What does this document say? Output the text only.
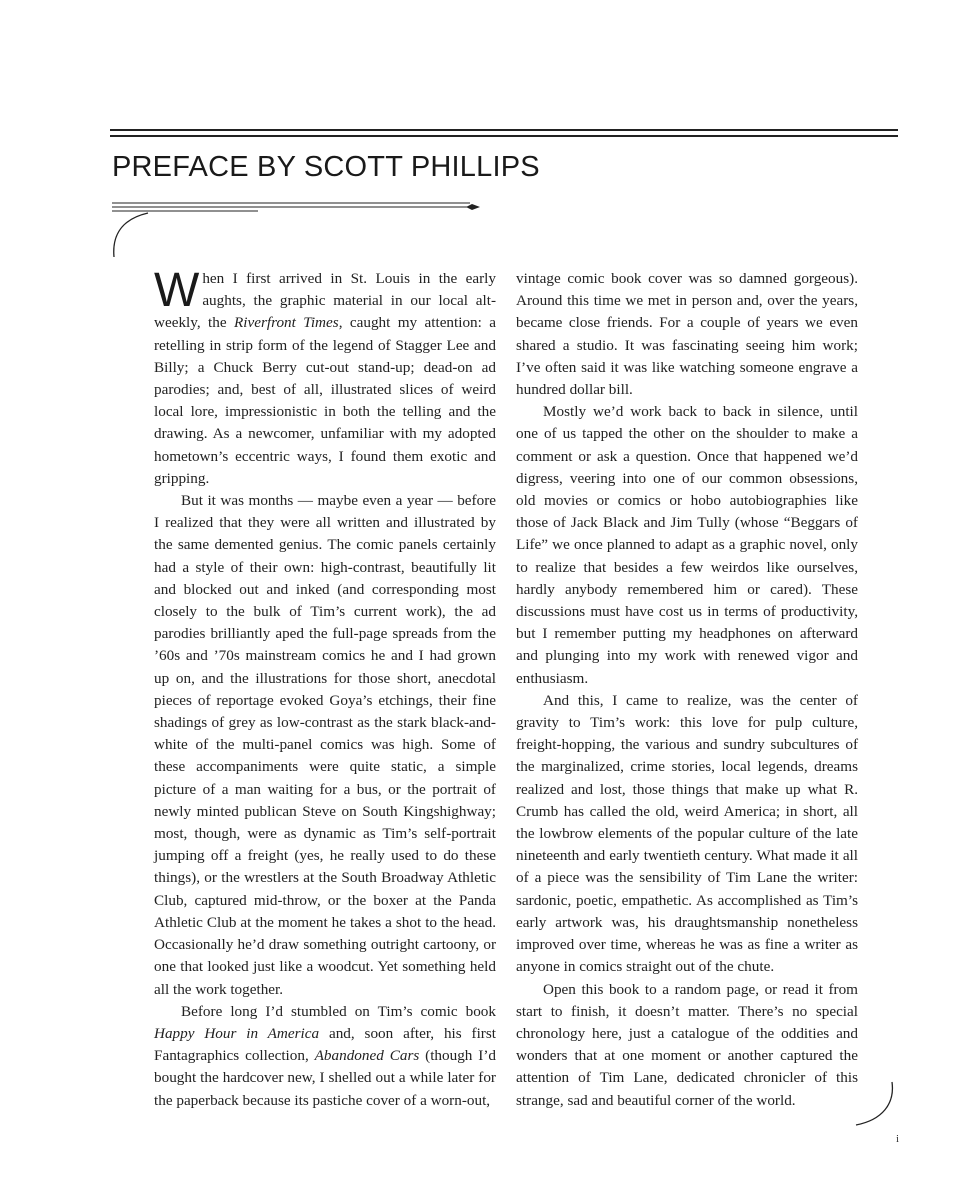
PREFACE BY SCOTT PHILLIPS

When I first arrived in St. Louis in the early aughts, the graphic material in our local alt-weekly, the Riverfront Times, caught my attention: a retelling in strip form of the legend of Stagger Lee and Billy; a Chuck Berry cut-out stand-up; dead-on ad parodies; and, best of all, illustrated slices of weird local lore, impressionistic in both the telling and the drawing. As a newcomer, unfamiliar with my adopted hometown’s eccentric ways, I found them exotic and gripping.

But it was months — maybe even a year — before I realized that they were all written and illustrated by the same demented genius. The comic panels certainly had a style of their own: high-contrast, beautifully lit and blocked out and inked (and corresponding most closely to the bulk of Tim’s current work), the ad parodies brilliantly aped the full-page spreads from the ’60s and ’70s mainstream comics he and I had grown up on, and the illustrations for those short, anecdotal pieces of reportage evoked Goya’s etchings, their fine shadings of grey as low-contrast as the stark black-and-white of the multi-panel comics was high. Some of these accompaniments were quite static, a simple picture of a man waiting for a bus, or the portrait of newly minted publican Steve on South Kingshighway; most, though, were as dynamic as Tim’s self-portrait jumping off a freight (yes, he really used to do these things), or the wrestlers at the South Broadway Athletic Club, captured mid-throw, or the boxer at the Panda Athletic Club at the moment he takes a shot to the head. Occasionally he’d draw something outright cartoony, or one that looked just like a woodcut. Yet something held all the work together.

Before long I’d stumbled on Tim’s comic book Happy Hour in America and, soon after, his first Fantagraphics collection, Abandoned Cars (though I’d bought the hardcover new, I shelled out a while later for the paperback because its pastiche cover of a worn-out,

vintage comic book cover was so damned gorgeous). Around this time we met in person and, over the years, became close friends. For a couple of years we even shared a studio. It was fascinating seeing him work; I’ve often said it was like watching someone engrave a hundred dollar bill.

Mostly we’d work back to back in silence, until one of us tapped the other on the shoulder to make a comment or ask a question. Once that happened we’d digress, veering into one of our common obsessions, old movies or comics or hobo autobiographies like those of Jack Black and Jim Tully (whose “Beggars of Life” we once planned to adapt as a graphic novel, only to realize that besides a few weirdos like ourselves, hardly anybody remembered him or cared). These discussions must have cost us in terms of productivity, but I remember putting my headphones on afterward and plunging into my work with renewed vigor and enthusiasm.

And this, I came to realize, was the center of gravity to Tim’s work: this love for pulp culture, freight-hopping, the various and sundry subcultures of the marginalized, crime stories, local legends, dreams realized and lost, those things that make up what R. Crumb has called the old, weird America; in short, all the lowbrow elements of the popular culture of the late nineteenth and early twentieth century. What made it all of a piece was the sensibility of Tim Lane the writer: sardonic, poetic, empathetic. As accomplished as Tim’s early artwork was, his draughtsmanship nonetheless improved over time, whereas he was as fine a writer as anyone in comics straight out of the chute.

Open this book to a random page, or read it from start to finish, it doesn’t matter. There’s no special chronology here, just a catalogue of the oddities and wonders that at one moment or another captured the attention of Tim Lane, dedicated chronicler of this strange, sad and beautiful corner of the world.

i
